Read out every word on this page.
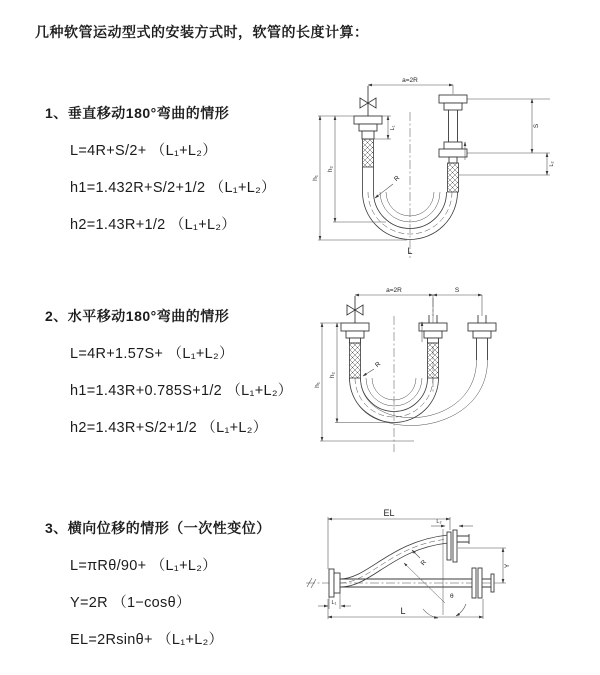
几种软管运动型式的安装方式时，软管的长度计算：
1、垂直移动180°弯曲的情形
L=4R+S/2+ （L₁+L₂）
h1=1.432R+S/2+1/2 （L₁+L₂）
h2=1.43R+1/2 （L₁+L₂）
2、水平移动180°弯曲的情形
L=4R+1.57S+ （L₁+L₂）
h1=1.43R+0.785S+1/2 （L₁+L₂）
h2=1.43R+S/2+1/2 （L₁+L₂）
3、横向位移的情形（一次性变位）
L=πRθ/90+ （L₁+L₂）
Y=2R （1−cosθ）
EL=2Rsinθ+ （L₁+L₂）
a=2R
h₁
h₂
L₁	S
L₂
R
L
a=2R	S
h₁
h₂
R
EL
L₂
Y
L₁
L
θ
R
